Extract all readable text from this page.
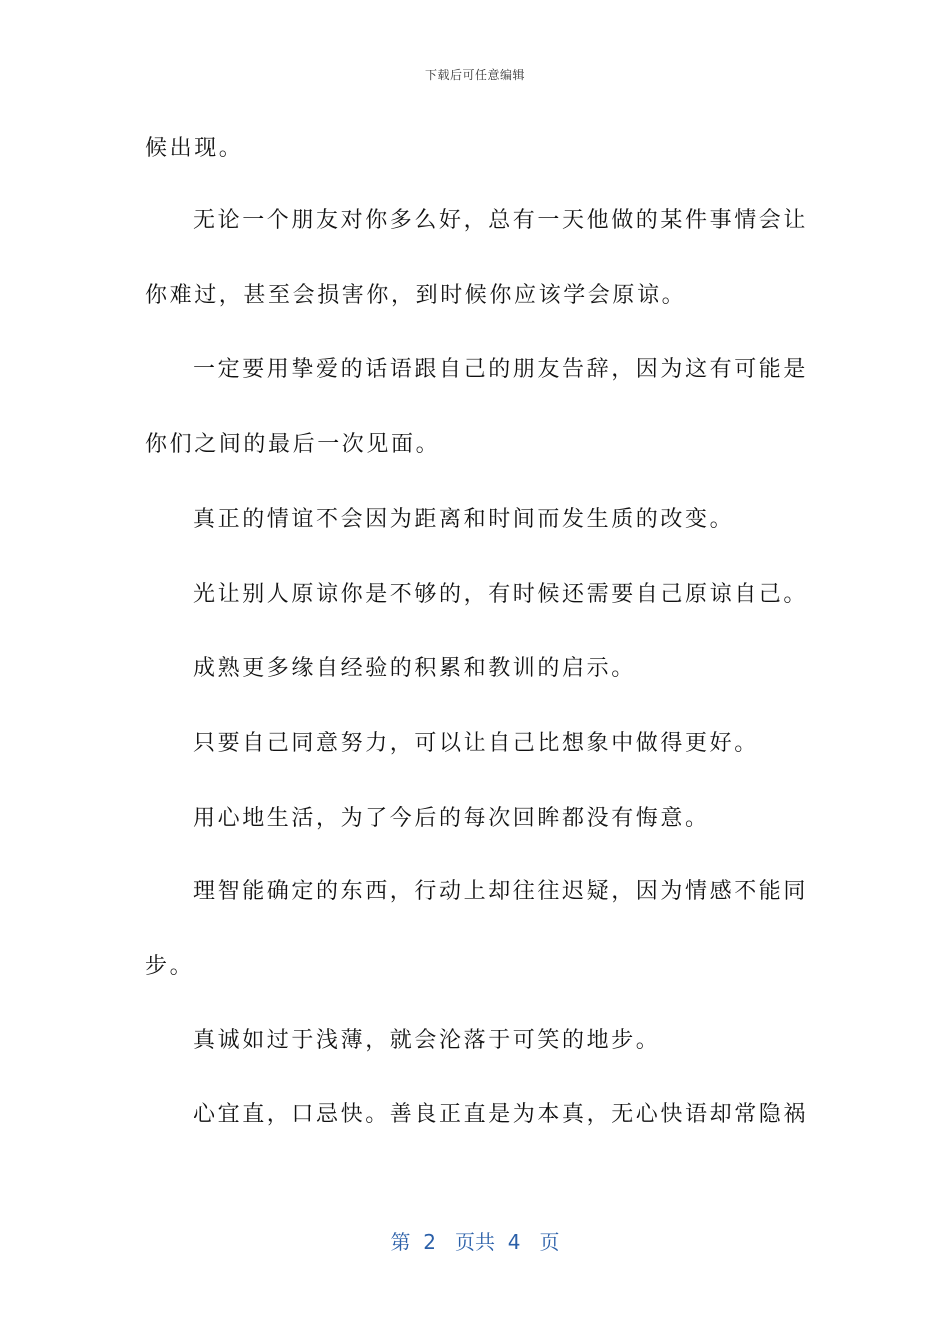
下载后可任意编辑
候出现。
无论一个朋友对你多么好，总有一天他做的某件事情会让
你难过，甚至会损害你，到时候你应该学会原谅。
一定要用挚爱的话语跟自己的朋友告辞，因为这有可能是
你们之间的最后一次见面。
真正的情谊不会因为距离和时间而发生质的改变。
光让别人原谅你是不够的，有时候还需要自己原谅自己。
成熟更多缘自经验的积累和教训的启示。
只要自己同意努力，可以让自己比想象中做得更好。
用心地生活，为了今后的每次回眸都没有悔意。
理智能确定的东西，行动上却往往迟疑，因为情感不能同
步。
真诚如过于浅薄，就会沦落于可笑的地步。
心宜直，口忌快。善良正直是为本真，无心快语却常隐祸
第 2 页共 4 页
